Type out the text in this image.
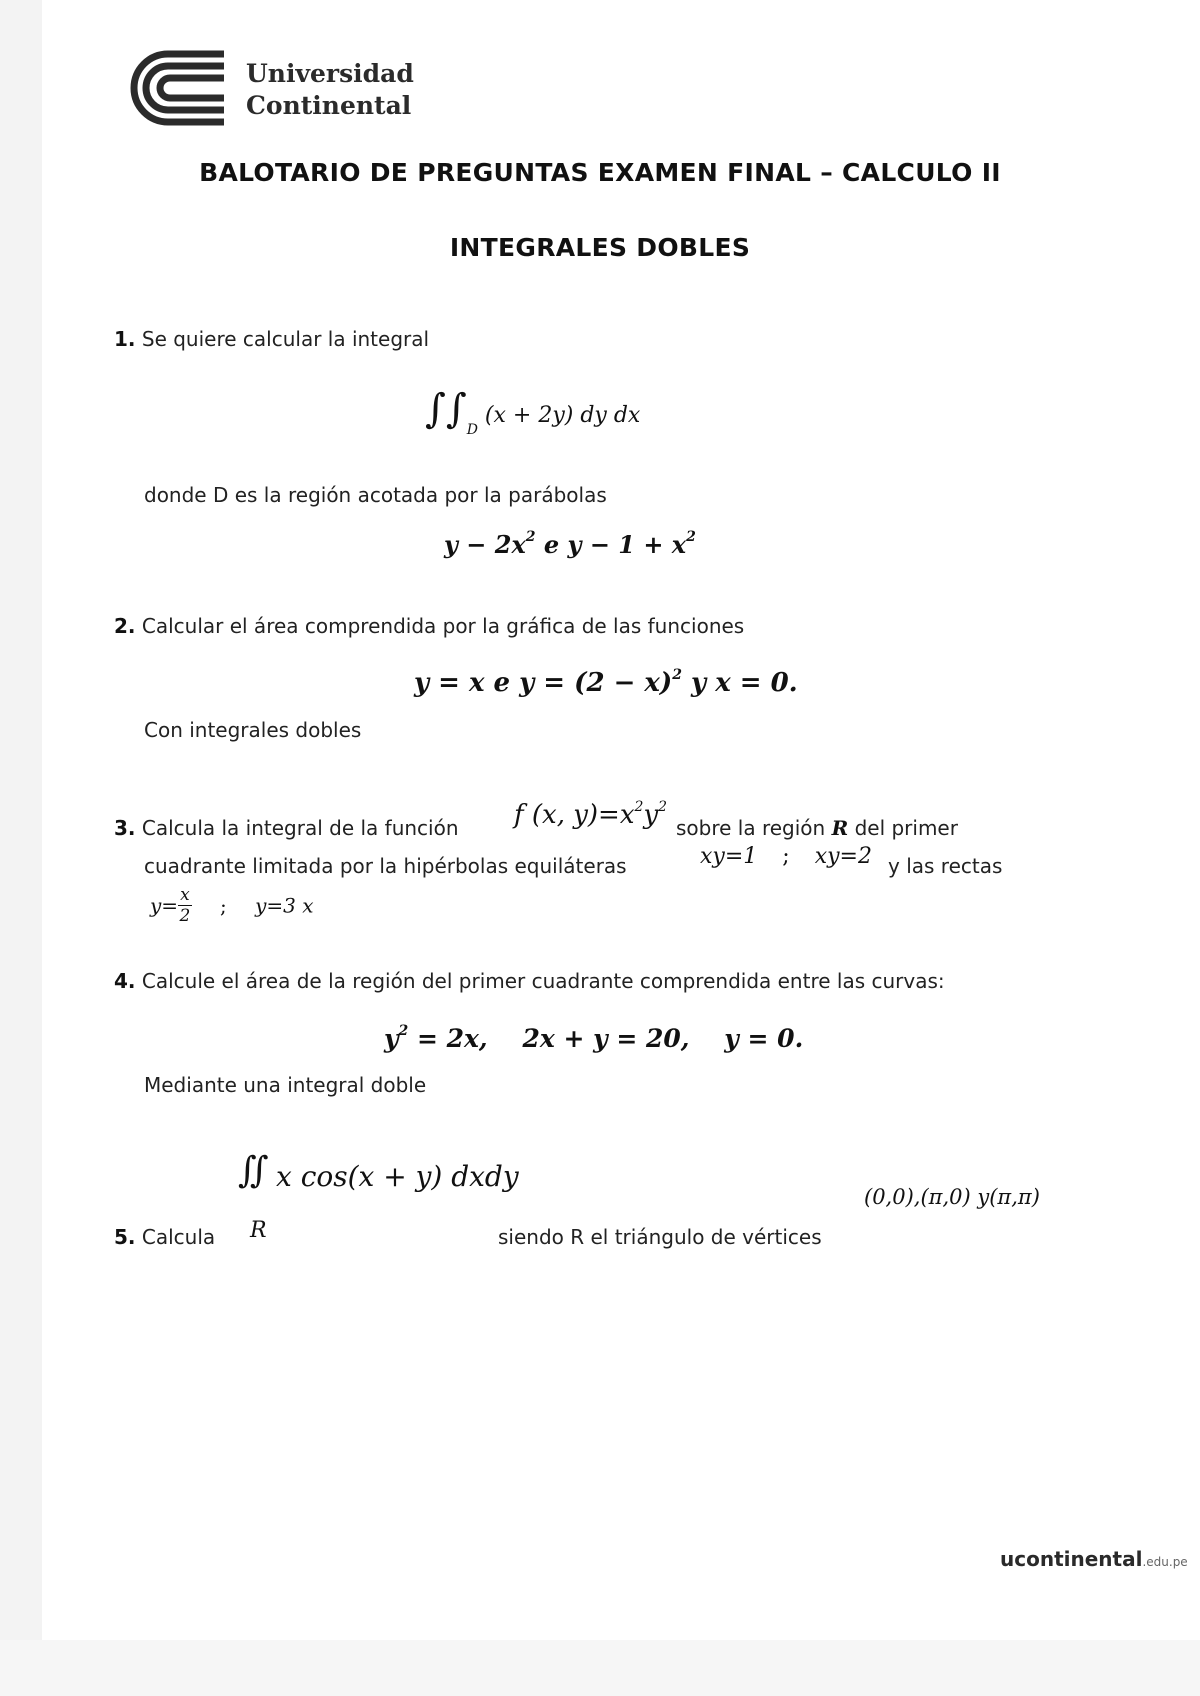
Universidad
Continental
BALOTARIO DE PREGUNTAS EXAMEN FINAL – CALCULO II
INTEGRALES DOBLES
1. Se quiere calcular la integral
$\int\int_D$ (x + 2y) dy dx
donde D es la región acotada por la parábolas
$y - 2x^2$ e $y - 1 + x^2$
2. Calcular el área comprendida por la gráfica de las funciones
y = x e $y = (2 - x)^2$ y x = 0.
Con integrales dobles
3. Calcula la integral de la función f (x, $y)=x^2y^2$
sobre la región R del primer
cuadrante limitada por la hipérbolas equiláteras	xy=1 ; xy=2 y las rectas
$y= \frac{x}{2}$ ; y=3 x
4. Calcule el área de la región del primer cuadrante comprendida entre las curvas:
$y^2 = 2x$,    2x + y = 20,    y = 0.
Mediante una integral doble
∬ x cos(x + y) dxdy
R
(0,0),(π,0) y(π,π)
5. Calcula	siendo R el triángulo de vértices
ucontinental.edu.pe
